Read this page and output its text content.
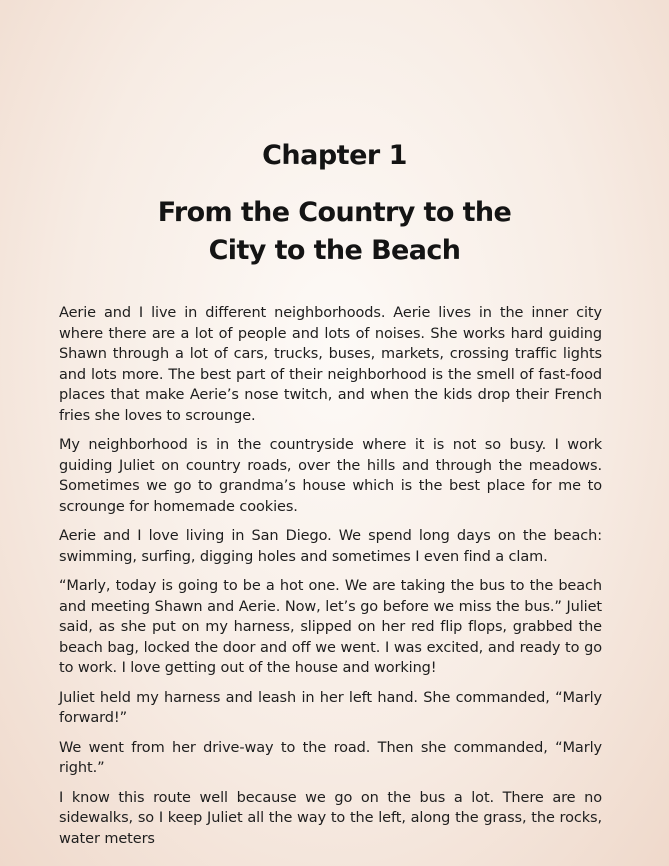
Chapter 1
From the Country to the
City to the Beach

Aerie and I live in different neighborhoods. Aerie lives in the inner city where there are a lot of people and lots of noises. She works hard guiding Shawn through a lot of cars, trucks, buses, markets, crossing traffic lights and lots more. The best part of their neighborhood is the smell of fast-food places that make Aerie’s nose twitch, and when the kids drop their French fries she loves to scrounge.

My neighborhood is in the countryside where it is not so busy. I work guiding Juliet on country roads, over the hills and through the meadows. Sometimes we go to grandma’s house which is the best place for me to scrounge for homemade cookies.

Aerie and I love living in San Diego. We spend long days on the beach: swimming, surfing, digging holes and sometimes I even find a clam.

“Marly, today is going to be a hot one. We are taking the bus to the beach and meeting Shawn and Aerie. Now, let’s go before we miss the bus.” Juliet said, as she put on my harness, slipped on her red flip flops, grabbed the beach bag, locked the door and off we went. I was excited, and ready to go to work. I love getting out of the house and working!

Juliet held my harness and leash in her left hand. She commanded, “Marly forward!”

We went from her drive-way to the road. Then she commanded, “Marly right.”

I know this route well because we go on the bus a lot. There are no sidewalks, so I keep Juliet all the way to the left, along the grass, the rocks, water meters
